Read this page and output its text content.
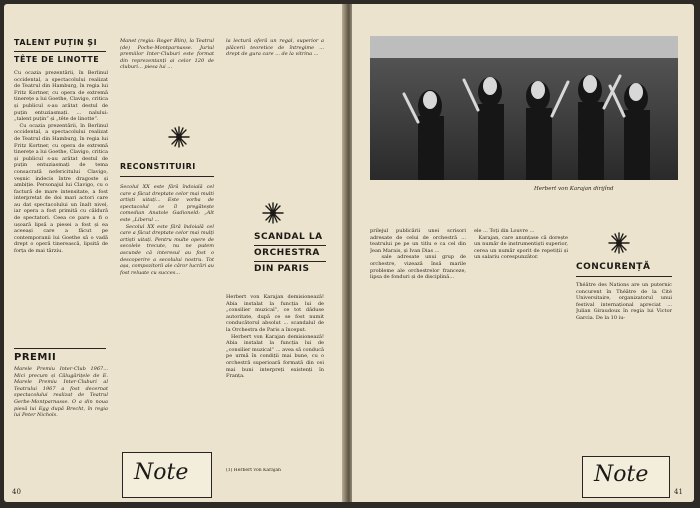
TALENT PUȚIN ȘI
TÊTE DE LINOTTE

Cu ocazia prezentării, în Berlinul occidental, a spectacolului realizat de Teatrul din Hamburg, în regia lui Fritz Kortner, cu opera de extremă tinerețe a lui Goethe, Clavigo, critica și publicul s-au arătat destul de puțin entuziasmați. ... nalului: „talent puțin” și „tête de linotte”.

Cu ocazia prezentării, în Berlinul occidental, a spectacolului realizat de Teatrul din Hamburg, în regia lui Fritz Kortner, cu opera de extremă tinerețe a lui Goethe, Clavigo, critica și publicul s-au arătat destul de puțin entuziasmați de tema consacrată nefericitului Clavigo, veșnic indecis între dragoste și ambiție. Personajul lui Clavigo, cu o factură de mare intensitate, a fost interpretat de doi mari actori care au dat spectacolului un înalt nivel, iar opera a fost primită cu căldură de spectatori. Ceea ce pare a fi o ușoară lipsă a piesei a fost și ea aceeași care a făcut pe contemporanii lui Goethe să o vadă drept o operă tinerească, lipsită de forța de mai târziu.

PREMII

Marele Premiu Inter-Club 1967... Mici precum și Călugărițele de E. Marele Premiu Inter-Cluburi al Teatrului 1967 a fost decernat spectacolului realizat de Teatrul Gerbe-Montparnasse. O a din noua piesă lui Egg după Brecht, în regia lui Peter Nichols.

Manet (regia: Roger Blin), la Teatrul (de) Poche-Montparnasse. Juriul premiilor Inter-Cluburi este format din reprezentanți ai celor 120 de cluburi... piesa lui ...

RECONSTITUIRI

Secolul XX este fără îndoială cel care a făcut dreptate celor mai multi artiști uitați... Este vorba de spectacolul ce îl pregătește comedian Anatole Gadioneld: „Alt este „Liberul ...

Secolul XX este fără îndoială cel care a făcut dreptate celor mai mulți artiști uitați. Pentru multe opere de secolele trecute, nu ne putem ascunde că interesul au fost o descoperire a secolului nostru. Tot așa, compozitorii ale căror lucrări au fost reluate cu succes...

Note

la lectură oferă un regal, superior a plăcerii teoretice de întregime ... drept de gura care ... de la vitrina ...

SCANDAL LA
ORCHESTRA
DIN PARIS

Herbert von Karajan demisionează! Abia instalat la funcția lui de „consilier muzical”, ce tot dăduse autoritate, după ce se fost numit conducătorul absolut ... scandalul de la Orchestra de Paris a început.

Herbert von Karajan demisionează! Abia instalat la funcția lui de „consilier muzical” ... avea să conducă pe urmă în condiții mai bune, cu o orchestră superioară formată din cei mai buni interpreți existenți în Franța.

(1) Herbert von Karajan

40
Herbert von Karajan dirijînd

prilejul publicării unei scrisori adresate de celui de orchestră ... teatrului pe pe un titlu e ca cel din Jean Marais, și Ivan Dias ...

sale adresate unui grup de orchestre, vizează însă marile probleme ale orchestrelor franceze, lipsa de fonduri și de disciplină...

ele ... Toți din Louvre ...

Karajan, care anunțase că dorește un număr de instrumentiști superior, cerea un număr sporit de repetiții și un salariu corespunzător.

CONCURENȚĂ

Théâtre des Nations are un puternic concurent în Théâtre de la Cité Universitaire, organizatorul unui festival internațional apreciat ... Julian Giraudoux în regia lui Victor Garcia. De la 10 iu-

Note
41
